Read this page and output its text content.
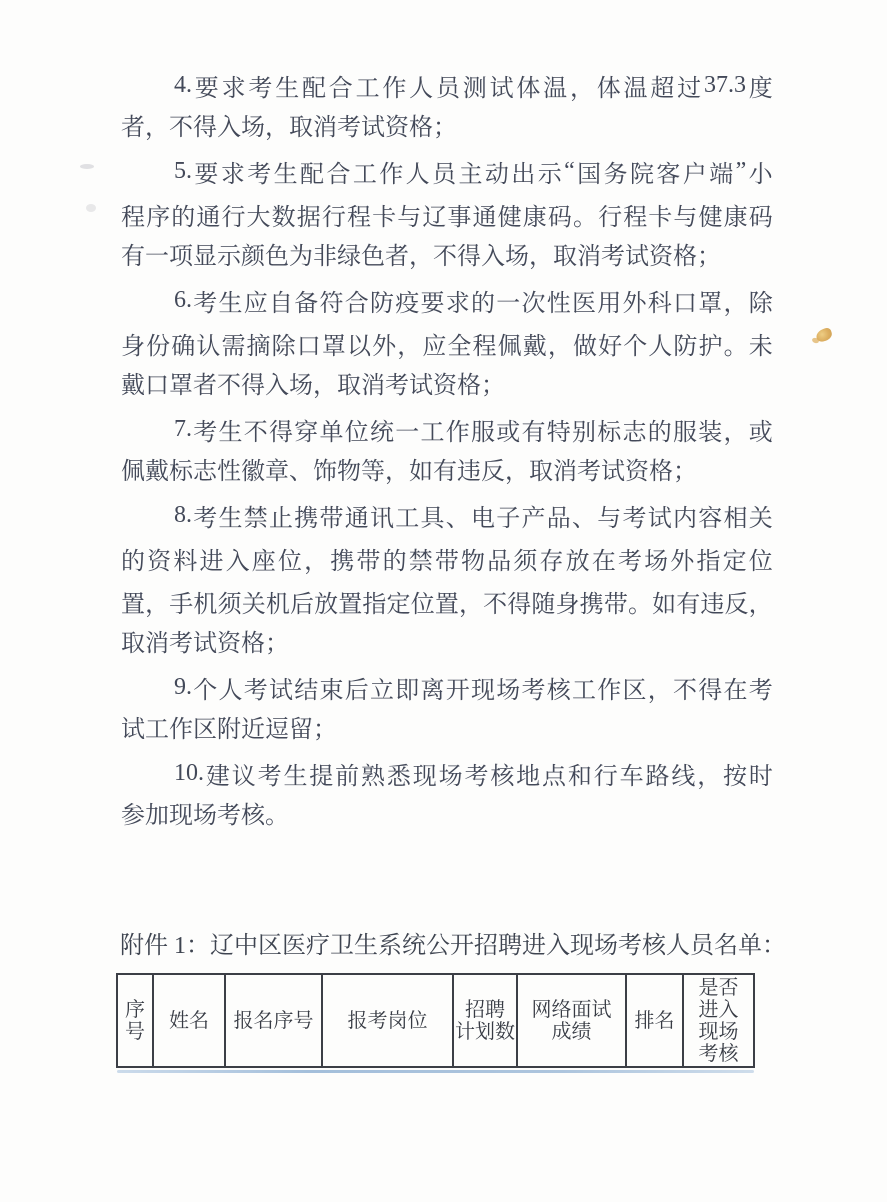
4. 要 求 考 生 配 合 工 作 人 员 测 试 体 温 ， 体 温 超 过 37.3 度
者，不得入场，取消考试资格；
5. 要 求 考 生 配 合 工 作 人 员 主 动 出 示 “ 国 务 院 客 户 端 ” 小
程 序 的 通 行 大 数 据 行 程 卡 与 辽 事 通 健 康 码 。 行 程 卡 与 健 康 码
有一项显示颜色为非绿色者，不得入场，取消考试资格；
6. 考 生 应 自 备 符 合 防 疫 要 求 的 一 次 性 医 用 外 科 口 罩 ， 除
身 份 确 认 需 摘 除 口 罩 以 外 ， 应 全 程 佩 戴 ， 做 好 个 人 防 护 。 未
戴口罩者不得入场，取消考试资格；
7. 考 生 不 得 穿 单 位 统 一 工 作 服 或 有 特 别 标 志 的 服 装 ， 或
佩戴标志性徽章、饰物等，如有违反，取消考试资格；
8. 考 生 禁 止 携 带 通 讯 工 具 、 电 子 产 品 、 与 考 试 内 容 相 关
的 资 料 进 入 座 位 ， 携 带 的 禁 带 物 品 须 存 放 在 考 场 外 指 定 位
置 ， 手 机 须 关 机 后 放 置 指 定 位 置 ， 不 得 随 身 携 带 。 如 有 违 反 ，
取消考试资格；
9. 个 人 考 试 结 束 后 立 即 离 开 现 场 考 核 工 作 区 ， 不 得 在 考
试工作区附近逗留；
10. 建 议 考 生 提 前 熟 悉 现 场 考 核 地 点 和 行 车 路 线 ， 按 时
参加现场考核。
附件 1：辽中区医疗卫生系统公开招聘进入现场考核人员名单：
序
号 姓名 报名序号 报考岗位 招聘
计划数
网络面试
成绩 排名
是否
进入
现场
考核
